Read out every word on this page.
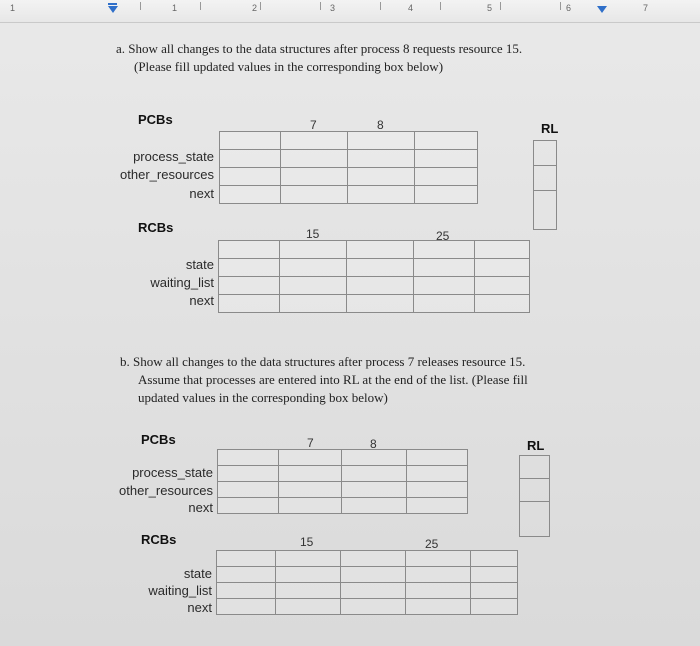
1	1	2	3	4	5	6	7
a. Show all changes to the data structures after process 8 requests resource 15.
(Please fill updated values in the corresponding box below)
PCBs	7	8	RL
process_state
other_resources
next

RCBs	15	25
state
waiting_list
next

b. Show all changes to the data structures after process 7 releases resource 15.
Assume that processes are entered into RL at the end of the list. (Please fill
updated values in the corresponding box below)
PCBs	7	8	RL
process_state
other_resources
next

RCBs	15	25
state
waiting_list
next
